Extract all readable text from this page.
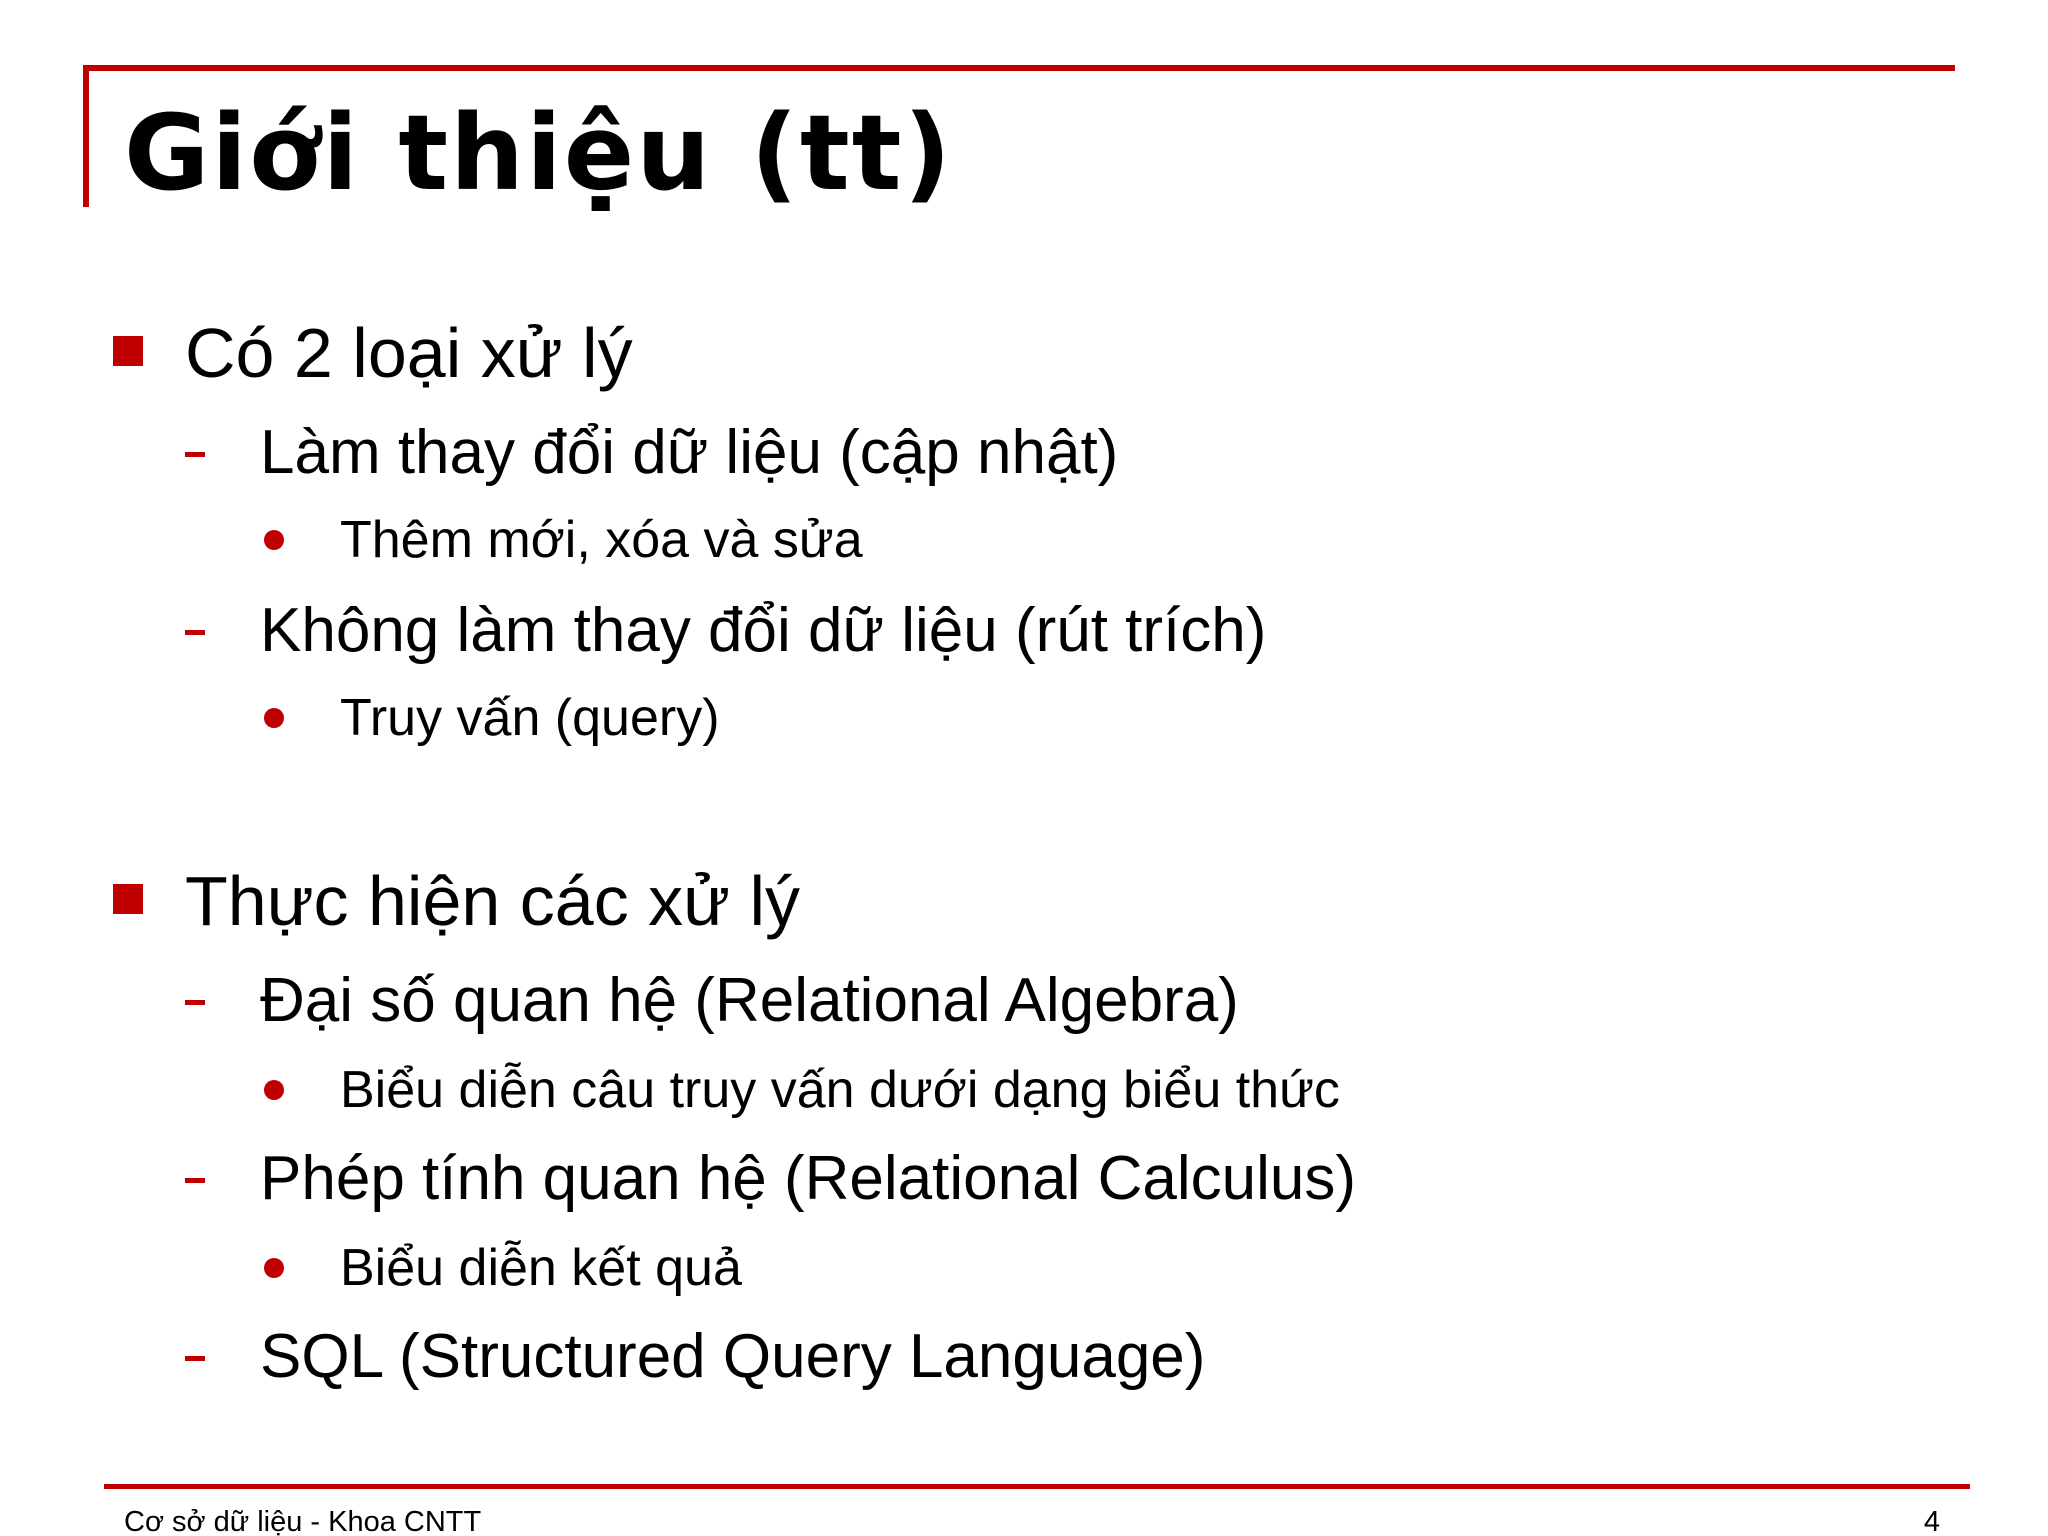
Giới thiệu (tt)
Có 2 loại xử lý
Làm thay đổi dữ liệu (cập nhật)
Thêm mới, xóa và sửa
Không làm thay đổi dữ liệu (rút trích)
Truy vấn (query)
Thực hiện các xử lý
Đại số quan hệ (Relational Algebra)
Biểu diễn câu truy vấn dưới dạng biểu thức
Phép tính quan hệ (Relational Calculus)
Biểu diễn kết quả
SQL (Structured Query Language)
Cơ sở dữ liệu - Khoa CNTT	4
